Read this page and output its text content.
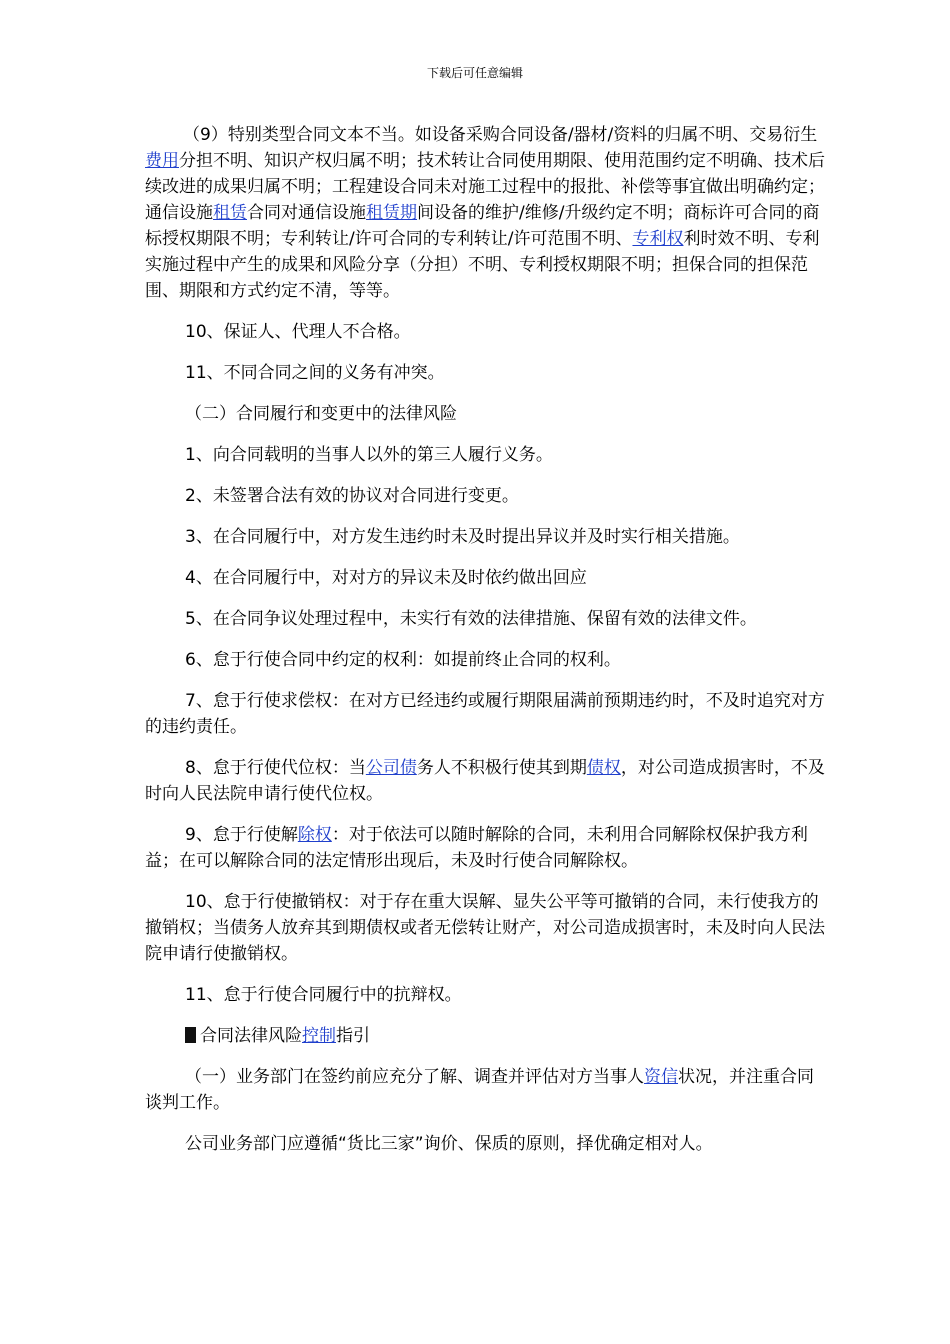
下载后可任意编辑

（9）特别类型合同文本不当。如设备采购合同设备/器材/资料的归属不明、交易衍生费用分担不明、知识产权归属不明；技术转让合同使用期限、使用范围约定不明确、技术后续改进的成果归属不明；工程建设合同未对施工过程中的报批、补偿等事宜做出明确约定；通信设施租赁合同对通信设施租赁期间设备的维护/维修/升级约定不明；商标许可合同的商标授权期限不明；专利转让/许可合同的专利转让/许可范围不明、专利权利时效不明、专利实施过程中产生的成果和风险分享（分担）不明、专利授权期限不明；担保合同的担保范围、期限和方式约定不清，等等。

10、保证人、代理人不合格。

11、不同合同之间的义务有冲突。

（二）合同履行和变更中的法律风险

1、向合同载明的当事人以外的第三人履行义务。

2、未签署合法有效的协议对合同进行变更。

3、在合同履行中，对方发生违约时未及时提出异议并及时实行相关措施。

4、在合同履行中，对对方的异议未及时依约做出回应

5、在合同争议处理过程中，未实行有效的法律措施、保留有效的法律文件。

6、怠于行使合同中约定的权利：如提前终止合同的权利。

7、怠于行使求偿权：在对方已经违约或履行期限届满前预期违约时，不及时追究对方的违约责任。

8、怠于行使代位权：当公司债务人不积极行使其到期债权，对公司造成损害时，不及时向人民法院申请行使代位权。

9、怠于行使解除权：对于依法可以随时解除的合同，未利用合同解除权保护我方利益；在可以解除合同的法定情形出现后，未及时行使合同解除权。

10、怠于行使撤销权：对于存在重大误解、显失公平等可撤销的合同，未行使我方的撤销权；当债务人放弃其到期债权或者无偿转让财产，对公司造成损害时，未及时向人民法院申请行使撤销权。

11、怠于行使合同履行中的抗辩权。

合同法律风险控制指引

（一）业务部门在签约前应充分了解、调查并评估对方当事人资信状况，并注重合同谈判工作。

公司业务部门应遵循“货比三家”询价、保质的原则，择优确定相对人。
